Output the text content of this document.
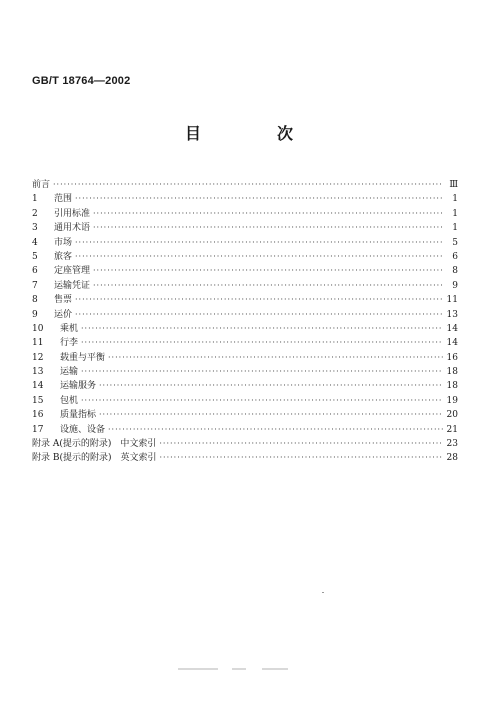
GB/T 18764—2002
目　次
前言 ·····	Ⅲ
1	范围 ·····	1
2	引用标准 ·····	1
3	通用术语 ·····	1
4	市场 ·····	5
5	旅客 ·····	6
6	定座管理 ·····	8
7	运输凭证 ·····	9
8	售票 ·····	11
9	运价 ·····	13
10	乘机 ·····	14
11	行李 ·····	14
12	载重与平衡 ·····	16
13	运输 ·····	18
14	运输服务 ·····	18
15	包机 ·····	19
16	质量指标 ·····	20
17	设施、设备 ·····	21
附录 A(提示的附录)　中文索引 ·····	23
附录 B(提示的附录)　英文索引 ·····	28
